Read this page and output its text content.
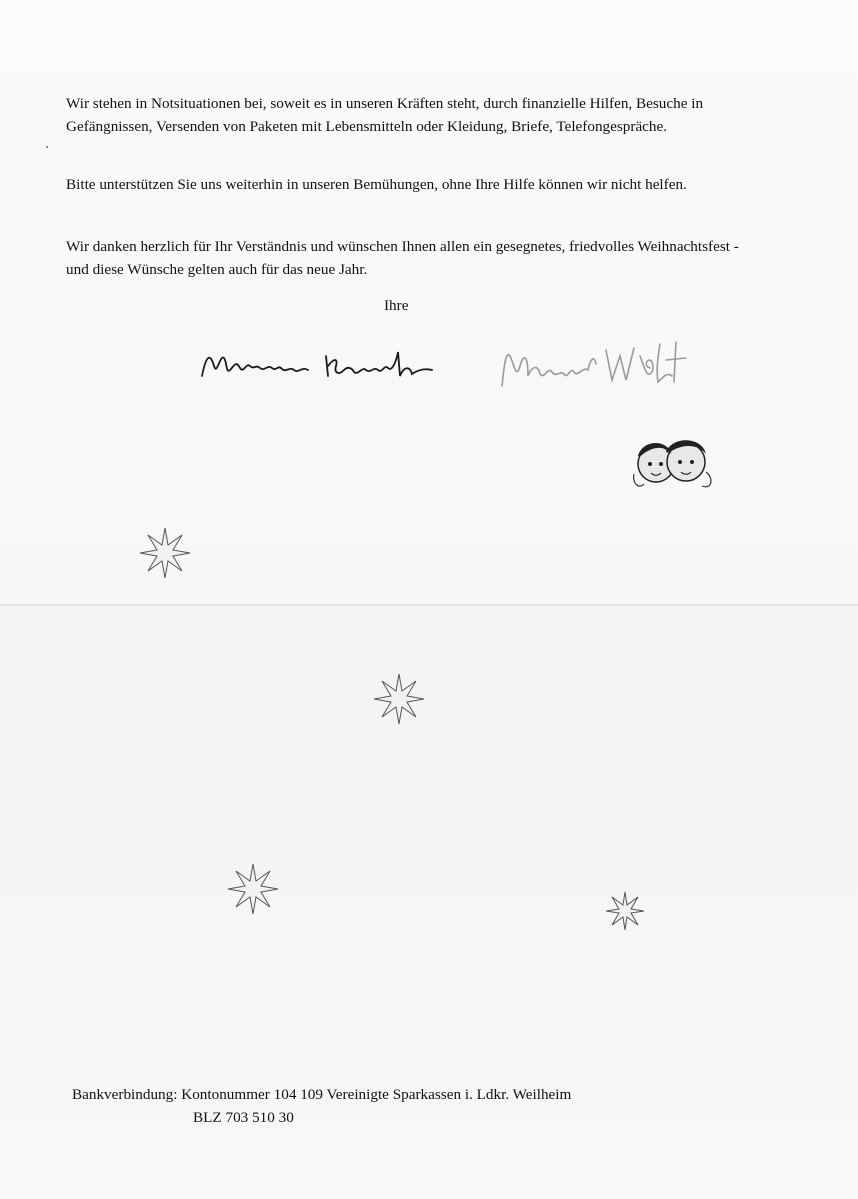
Wir stehen in Notsituationen bei, soweit es in unseren Kräften steht, durch finanzielle Hilfen, Besuche in Gefängnissen, Versenden von Paketen mit Lebensmitteln oder Kleidung, Briefe, Telefongespräche.

Bitte unterstützen Sie uns weiterhin in unseren Bemühungen, ohne Ihre Hilfe können wir nicht helfen.

Wir danken herzlich für Ihr Verständnis und wünschen Ihnen allen ein gesegnetes, friedvolles Weihnachtsfest - und diese Wünsche gelten auch für das neue Jahr.

Ihre
Bankverbindung: Kontonummer 104 109 Vereinigte Sparkassen i. Ldkr. Weilheim
BLZ 703 510 30
